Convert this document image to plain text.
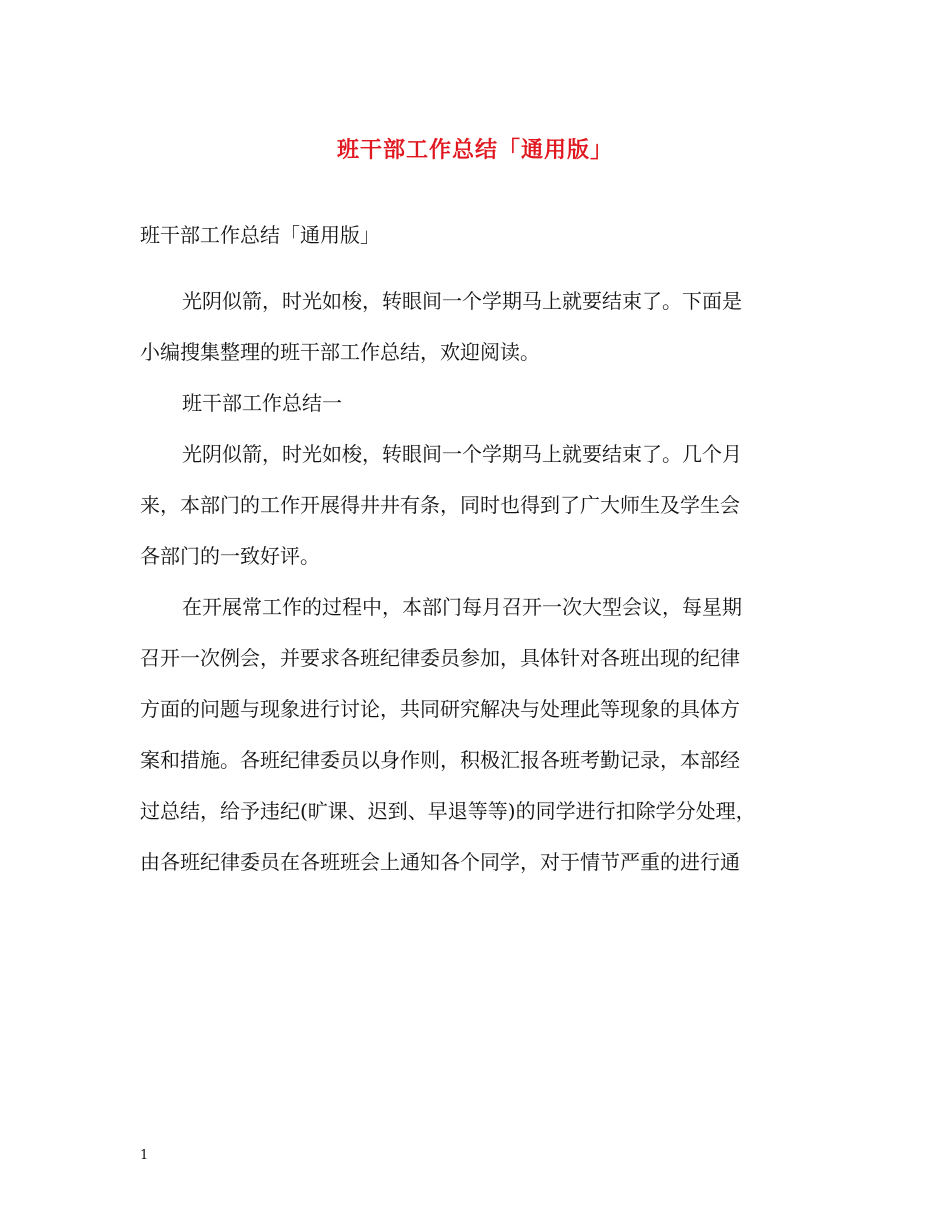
班干部工作总结「通用版」
班干部工作总结「通用版」
光阴似箭，时光如梭，转眼间一个学期马上就要结束了。下面是
小编搜集整理的班干部工作总结，欢迎阅读。
班干部工作总结一
光阴似箭，时光如梭，转眼间一个学期马上就要结束了。几个月
来，本部门的工作开展得井井有条，同时也得到了广大师生及学生会
各部门的一致好评。
在开展常工作的过程中，本部门每月召开一次大型会议，每星期
召开一次例会，并要求各班纪律委员参加，具体针对各班出现的纪律
方面的问题与现象进行讨论，共同研究解决与处理此等现象的具体方
案和措施。各班纪律委员以身作则，积极汇报各班考勤记录，本部经
过总结，给予违纪(旷课、迟到、早退等等)的同学进行扣除学分处理，
由各班纪律委员在各班班会上通知各个同学，对于情节严重的进行通
1
